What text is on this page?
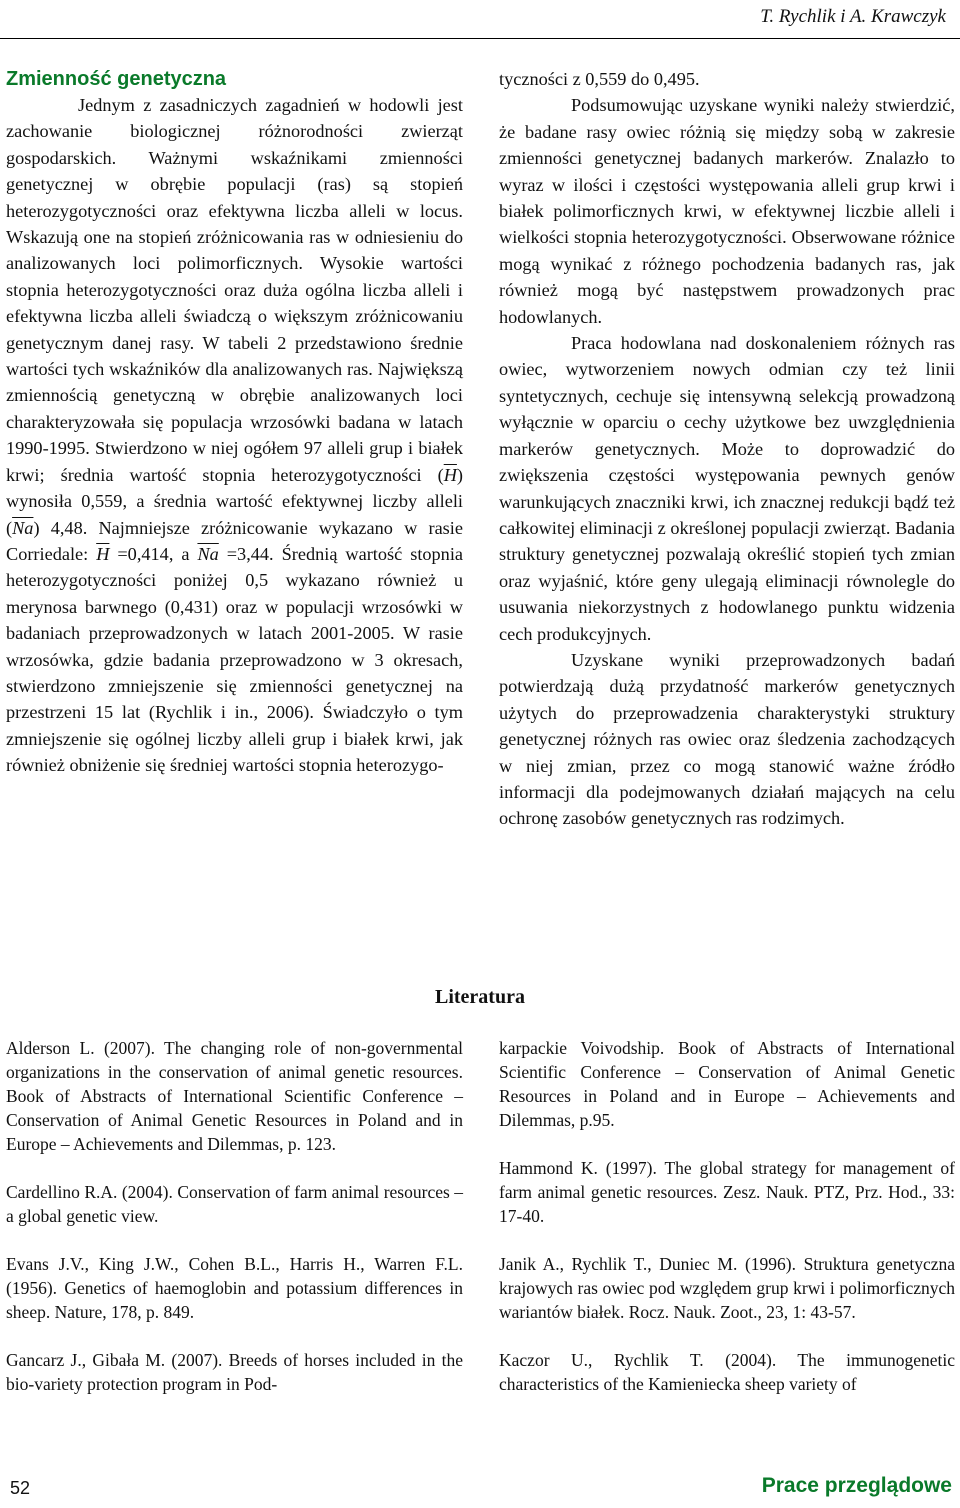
T. Rychlik i A. Krawczyk
Zmienność genetyczna

Jednym z zasadniczych zagadnień w hodowli jest zachowanie biologicznej różnorodności zwierząt gospodarskich. Ważnymi wskaźnikami zmienności genetycznej w obrębie populacji (ras) są stopień heterozygotyczności oraz efektywna liczba alleli w locus. Wskazują one na stopień zróżnicowania ras w odniesieniu do analizowanych loci polimorficznych. Wysokie wartości stopnia heterozygotyczności oraz duża ogólna liczba alleli i efektywna liczba alleli świadczą o większym zróżnicowaniu genetycznym danej rasy. W tabeli 2 przedstawiono średnie wartości tych wskaźników dla analizowanych ras. Największą zmiennością genetyczną w obrębie analizowanych loci charakteryzowała się populacja wrzosówki badana w latach 1990-1995. Stwierdzono w niej ogółem 97 alleli grup i białek krwi; średnia wartość stopnia heterozygotyczności $(\overline{H})$ wynosiła 0,559, a średnia wartość efektywnej liczby alleli $(\overline{Na})$ 4,48. Najmniejsze zróżnicowanie wykazano w rasie Corriedale: $\overline{H} =0,414$, a $\overline{Na} =3,44$. Średnią wartość stopnia heterozygotyczności poniżej 0,5 wykazano również u merynosa barwnego (0,431) oraz w populacji wrzosówki w badaniach przeprowadzonych w latach 2001-2005. W rasie wrzosówka, gdzie badania przeprowadzono w 3 okresach, stwierdzono zmniejszenie się zmienności genetycznej na przestrzeni 15 lat (Rychlik i in., 2006). Świadczyło o tym zmniejszenie się ogólnej liczby alleli grup i białek krwi, jak również obniżenie się średniej wartości stopnia heterozygo-

tyczności z 0,559 do 0,495.

Podsumowując uzyskane wyniki należy stwierdzić, że badane rasy owiec różnią się między sobą w zakresie zmienności genetycznej badanych markerów. Znalazło to wyraz w ilości i częstości występowania alleli grup krwi i białek polimorficznych krwi, w efektywnej liczbie alleli i wielkości stopnia heterozygotyczności. Obserwowane różnice mogą wynikać z różnego pochodzenia badanych ras, jak również mogą być następstwem prowadzonych prac hodowlanych.

Praca hodowlana nad doskonaleniem różnych ras owiec, wytworzeniem nowych odmian czy też linii syntetycznych, cechuje się intensywną selekcją prowadzoną wyłącznie w oparciu o cechy użytkowe bez uwzględnienia markerów genetycznych. Może to doprowadzić do zwiększenia częstości występowania pewnych genów warunkujących znaczniki krwi, ich znacznej redukcji bądź też całkowitej eliminacji z określonej populacji zwierząt. Badania struktury genetycznej pozwalają określić stopień tych zmian oraz wyjaśnić, które geny ulegają eliminacji równolegle do usuwania niekorzystnych z hodowlanego punktu widzenia cech produkcyjnych.

Uzyskane wyniki przeprowadzonych badań potwierdzają dużą przydatność markerów genetycznych użytych do przeprowadzenia charakterystyki struktury genetycznej różnych ras owiec oraz śledzenia zachodzących w niej zmian, przez co mogą stanowić ważne źródło informacji dla podejmowanych działań mających na celu ochronę zasobów genetycznych ras rodzimych.

Literatura

Alderson L. (2007). The changing role of non-governmental organizations in the conservation of animal genetic resources. Book of Abstracts of International Scientific Conference – Conservation of Animal Genetic Resources in Poland and in Europe – Achievements and Dilemmas, p. 123.

Cardellino R.A. (2004). Conservation of farm animal resources – a global genetic view.

Evans J.V., King J.W., Cohen B.L., Harris H., Warren F.L. (1956). Genetics of haemoglobin and potassium differences in sheep. Nature, 178, p. 849.

Gancarz J., Gibała M. (2007). Breeds of horses included in the bio-variety protection program in Pod-

karpackie Voivodship. Book of Abstracts of International Scientific Conference – Conservation of Animal Genetic Resources in Poland and in Europe – Achievements and Dilemmas, p.95.

Hammond K. (1997). The global strategy for management of farm animal genetic resources. Zesz. Nauk. PTZ, Prz. Hod., 33: 17-40.

Janik A., Rychlik T., Duniec M. (1996). Struktura genetyczna krajowych ras owiec pod względem grup krwi i polimorficznych wariantów białek. Rocz. Nauk. Zoot., 23, 1: 43-57.

Kaczor U., Rychlik T. (2004). The immunogenetic characteristics of the Kamieniecka sheep variety of

52	Prace przeglądowe
